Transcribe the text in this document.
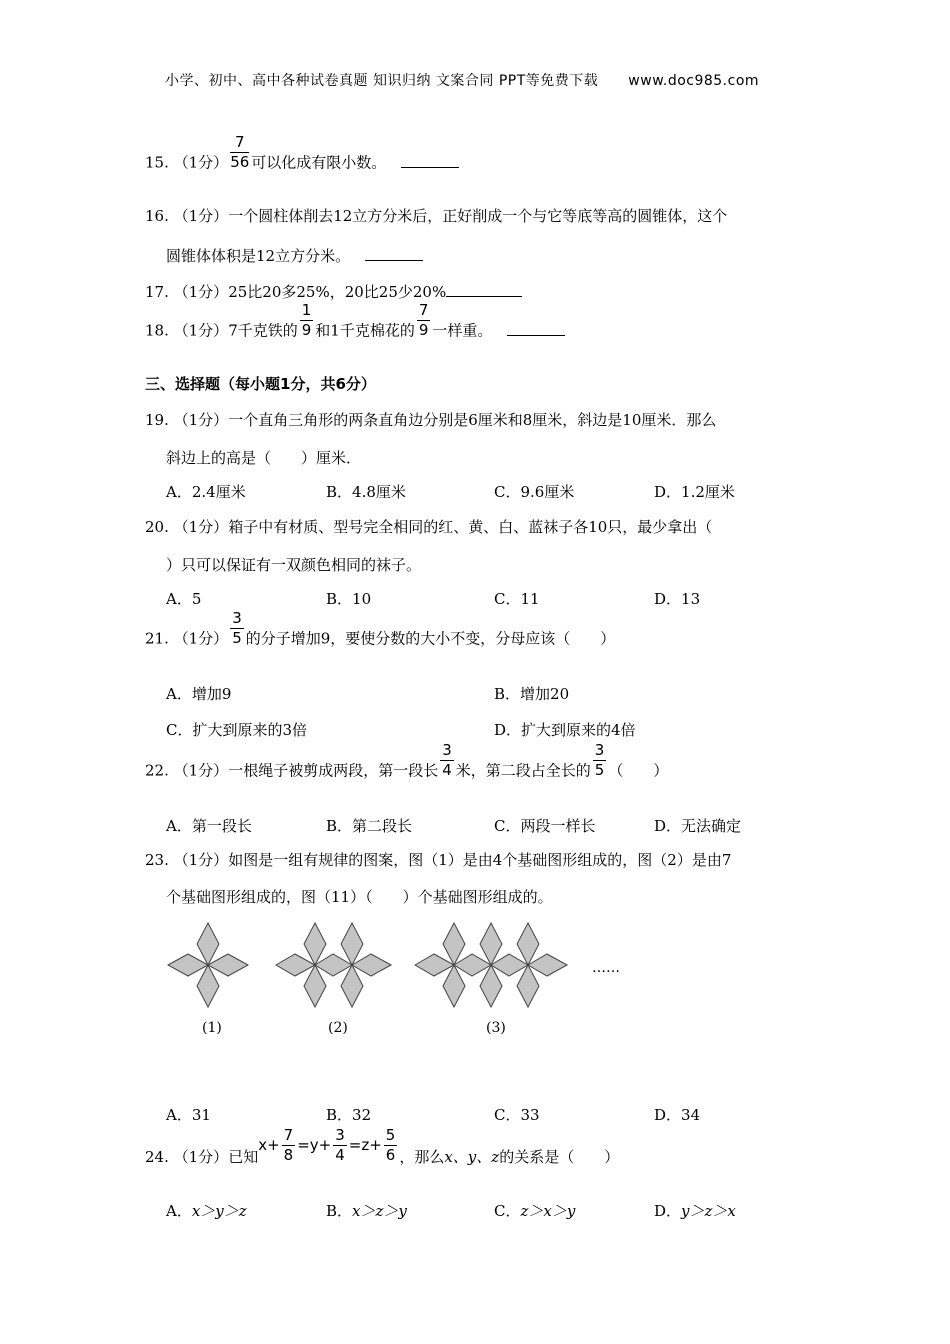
小学、初中、高中各种试卷真题 知识归纳 文案合同 PPT等免费下载 www.doc985.com
15. （1分） $\frac{7}{56}$ 可以化成有限小数。
16. （1分）一个圆柱体削去12立方分米后，正好削成一个与它等底等高的圆锥体，这个
圆锥体体积是12立方分米。
17. （1分）25比20多25%，20比25少20%
18. （1分）7千克铁的 $\frac{1}{9}$ 和1千克棉花的 $\frac{7}{9}$ 一样重。
三、选择题（每小题1分，共6分）
19. （1分）一个直角三角形的两条直角边分别是6厘米和8厘米，斜边是10厘米．那么
斜边上的高是（　　）厘米．
A．2.4厘米	B．4.8厘米	C．9.6厘米	D．1.2厘米
20. （1分）箱子中有材质、型号完全相同的红、黄、白、蓝袜子各10只，最少拿出（
）只可以保证有一双颜色相同的袜子。
A．5	B．10	C．11	D．13
21. （1分） $\frac{3}{5}$ 的分子增加9，要使分数的大小不变，分母应该（　　）
A．增加9	B．增加20
C．扩大到原来的3倍	D．扩大到原来的4倍
22. （1分）一根绳子被剪成两段，第一段长 $\frac{3}{4}$ 米，第二段占全长的 $\frac{3}{5}$ （　　）
A．第一段长	B．第二段长	C．两段一样长	D．无法确定
23. （1分）如图是一组有规律的图案，图（1）是由4个基础图形组成的，图（2）是由7
个基础图形组成的，图（11）（　　）个基础图形组成的。
……
(1)	(2)	(3)
A．31	B．32	C．33	D．34
24. （1分）已知$x+ \frac{7}{8} =y+ \frac{3}{4} =z+ \frac{5}{6}$ ，那么x、y、z的关系是（　　）
A．x＞y＞z	B．x＞z＞y	C．z＞x＞y	D．y＞z＞x
